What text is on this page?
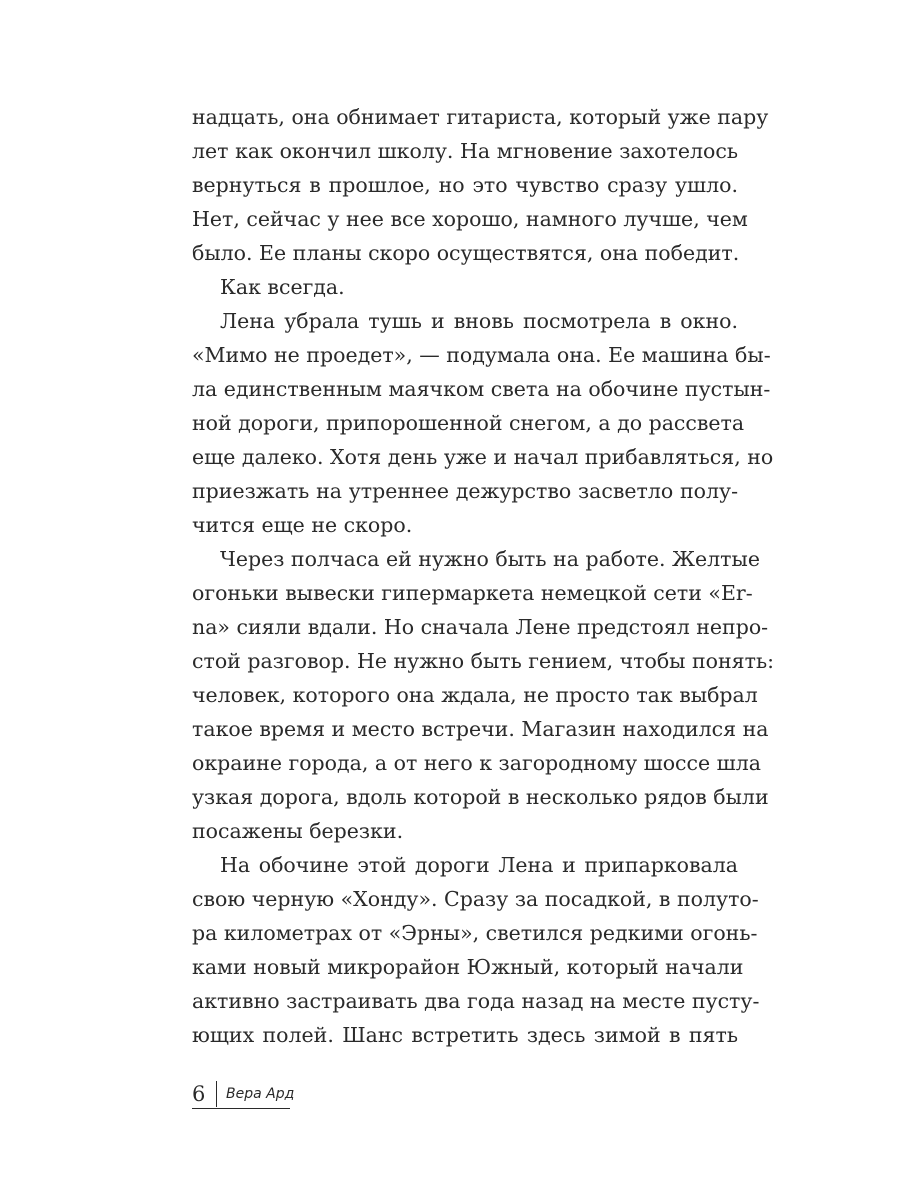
надцать, она обнимает гитариста, который уже пару
лет как окончил школу. На мгновение захотелось
вернуться в прошлое, но это чувство сразу ушло.
Нет, сейчас у нее все хорошо, намного лучше, чем
было. Ее планы скоро осуществятся, она победит.
Как всегда.
Лена убрала тушь и вновь посмотрела в окно.
«Мимо не проедет», — подумала она. Ее машина бы-
ла единственным маячком света на обочине пустын-
ной дороги, припорошенной снегом, а до рассвета
еще далеко. Хотя день уже и начал прибавляться, но
приезжать на утреннее дежурство засветло полу-
чится еще не скоро.
Через полчаса ей нужно быть на работе. Желтые
огоньки вывески гипермаркета немецкой сети «Er-
na» сияли вдали. Но сначала Лене предстоял непро-
стой разговор. Не нужно быть гением, чтобы понять:
человек, которого она ждала, не просто так выбрал
такое время и место встречи. Магазин находился на
окраине города, а от него к загородному шоссе шла
узкая дорога, вдоль которой в несколько рядов были
посажены березки.
На обочине этой дороги Лена и припарковала
свою черную «Хонду». Сразу за посадкой, в полуто-
ра километрах от «Эрны», светился редкими огонь-
ками новый микрорайон Южный, который начали
активно застраивать два года назад на месте пусту-
ющих полей. Шанс встретить здесь зимой в пять
6 Вера Ард
